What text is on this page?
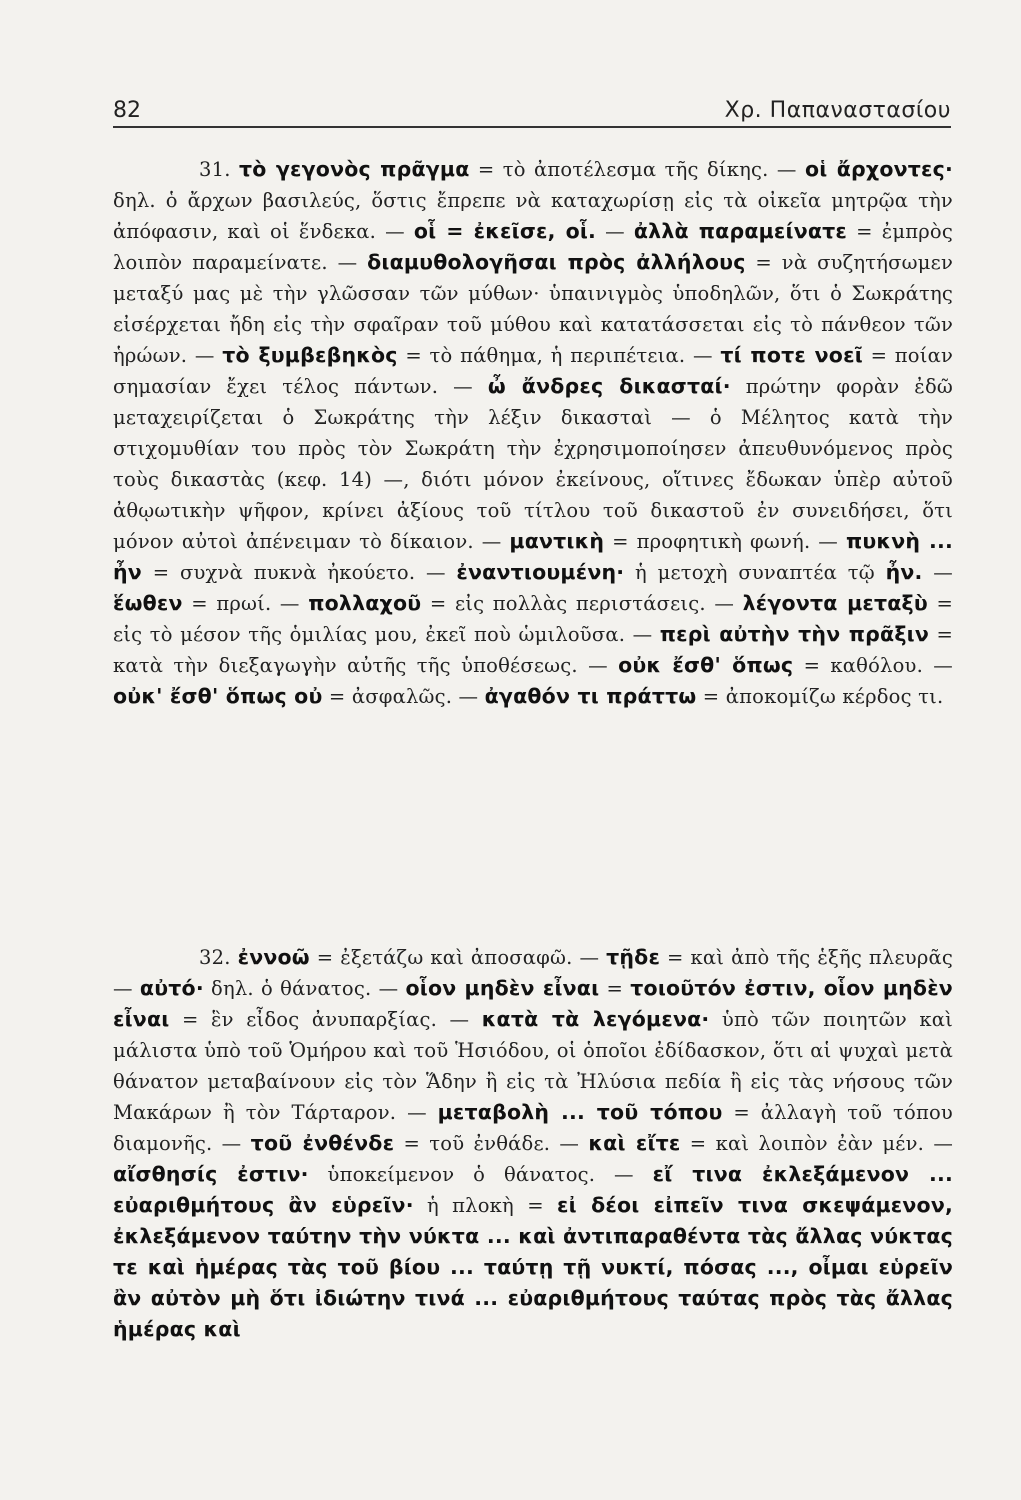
82	Χρ. Παπαναστασίου

31. τὸ γεγονὸς πρᾶγμα = τὸ ἀποτέλεσμα τῆς δίκης. — οἱ ἄρχοντες· δηλ. ὁ ἄρχων βασιλεύς, ὅστις ἔπρεπε νὰ καταχωρίσῃ εἰς τὰ οἰκεῖα μητρῷα τὴν ἀπόφασιν, καὶ οἱ ἕνδεκα. — οἷ = ἐκεῖσε, οἷ. — ἀλλὰ παραμείνατε = ἐμπρὸς λοιπὸν παραμείνατε. — διαμυθολογῆσαι πρὸς ἀλλήλους = νὰ συζητήσωμεν μεταξύ μας μὲ τὴν γλῶσσαν τῶν μύθων· ὑπαινιγμὸς ὑποδηλῶν, ὅτι ὁ Σωκράτης εἰσέρχεται ἤδη εἰς τὴν σφαῖραν τοῦ μύθου καὶ κατατάσσεται εἰς τὸ πάνθεον τῶν ἡρώων. — τὸ ξυμβεβηκὸς = τὸ πάθημα, ἡ περιπέτεια. — τί ποτε νοεῖ = ποίαν σημασίαν ἔχει τέλος πάντων. — ὦ ἄνδρες δικασταί· πρώτην φορὰν ἐδῶ μεταχειρίζεται ὁ Σωκράτης τὴν λέξιν δικασταὶ — ὁ Μέλητος κατὰ τὴν στιχομυθίαν του πρὸς τὸν Σωκράτη τὴν ἐχρησιμοποίησεν ἀπευθυνόμενος πρὸς τοὺς δικαστὰς (κεφ. 14) —, διότι μόνον ἐκείνους, οἵτινες ἔδωκαν ὑπὲρ αὐτοῦ ἀθῳωτικὴν ψῆφον, κρίνει ἀξίους τοῦ τίτλου τοῦ δικαστοῦ ἐν συνειδήσει, ὅτι μόνον αὐτοὶ ἀπένειμαν τὸ δίκαιον. — μαντικὴ = προφητικὴ φωνή. — πυκνὴ ... ἦν = συχνὰ πυκνὰ ἠκούετο. — ἐναντιουμένη· ἡ μετοχὴ συναπτέα τῷ ἦν. — ἕωθεν = πρωί. — πολλαχοῦ = εἰς πολλὰς περιστάσεις. — λέγοντα μεταξὺ = εἰς τὸ μέσον τῆς ὁμιλίας μου, ἐκεῖ ποὺ ὡμιλοῦσα. — περὶ αὐτὴν τὴν πρᾶξιν = κατὰ τὴν διεξαγωγὴν αὐτῆς τῆς ὑποθέσεως. — οὐκ ἔσθ' ὅπως = καθόλου. — οὐκ' ἔσθ' ὅπως οὐ = ἀσφαλῶς. — ἀγαθόν τι πράττω = ἀποκομίζω κέρδος τι.

32. ἐννοῶ = ἐξετάζω καὶ ἀποσαφῶ. — τῇδε = καὶ ἀπὸ τῆς ἑξῆς πλευρᾶς — αὐτό· δηλ. ὁ θάνατος. — οἷον μηδὲν εἶναι = τοιοῦτόν ἐστιν, οἷον μηδὲν εἶναι = ἓν εἶδος ἀνυπαρξίας. — κατὰ τὰ λεγόμενα· ὑπὸ τῶν ποιητῶν καὶ μάλιστα ὑπὸ τοῦ Ὁμήρου καὶ τοῦ Ἡσιόδου, οἱ ὁποῖοι ἐδίδασκον, ὅτι αἱ ψυχαὶ μετὰ θάνατον μεταβαίνουν εἰς τὸν Ἅδην ἢ εἰς τὰ Ἠλύσια πεδία ἢ εἰς τὰς νήσους τῶν Μακάρων ἢ τὸν Τάρταρον. — μεταβολὴ ... τοῦ τόπου = ἀλλαγὴ τοῦ τόπου διαμονῆς. — τοῦ ἐνθένδε = τοῦ ἐνθάδε. — καὶ εἴτε = καὶ λοιπὸν ἐὰν μέν. — αἴσθησίς ἐστιν· ὑποκείμενον ὁ θάνατος. — εἴ τινα ἐκλεξάμενον ... εὐαριθμήτους ἂν εὑρεῖν· ἡ πλοκὴ = εἰ δέοι εἰπεῖν τινα σκεψάμενον, ἐκλεξάμενον ταύτην τὴν νύκτα ... καὶ ἀντιπαραθέντα τὰς ἄλλας νύκτας τε καὶ ἡμέρας τὰς τοῦ βίου ... ταύτῃ τῇ νυκτί, πόσας ..., οἶμαι εὑρεῖν ἂν αὐτὸν μὴ ὅτι ἰδιώτην τινά ... εὐαριθμήτους ταύτας πρὸς τὰς ἄλλας ἡμέρας καὶ
